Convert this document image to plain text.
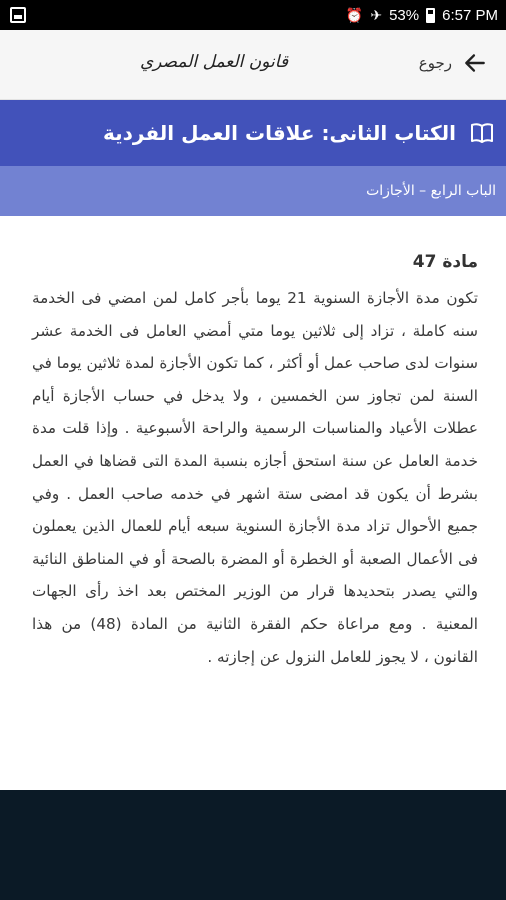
⏰ ✈ 53% 6:57 PM
قانون العمل المصري	رجوع
الكتاب الثانى: علاقات العمل الفردية
الباب الرابع – الأجازات
مادة 47
تكون مدة الأجازة السنوية 21 يوما بأجر كامل لمن امضي فى الخدمة سنه كاملة ، تزاد إلى ثلاثين يوما متي أمضي العامل فى الخدمة عشر سنوات لدى صاحب عمل أو أكثر ، كما تكون الأجازة لمدة ثلاثين يوما في السنة لمن تجاوز سن الخمسين ، ولا يدخل في حساب الأجازة أيام عطلات الأعياد والمناسبات الرسمية والراحة الأسبوعية . وإذا قلت مدة خدمة العامل عن سنة استحق أجازه بنسبة المدة التى قضاها في العمل بشرط أن يكون قد امضى ستة اشهر في خدمه صاحب العمل . وفي جميع الأحوال تزاد مدة الأجازة السنوية سبعه أيام للعمال الذين يعملون فى الأعمال الصعبة أو الخطرة أو المضرة بالصحة أو في المناطق النائية والتي يصدر بتحديدها قرار من الوزير المختص بعد اخذ رأى الجهات المعنية . ومع مراعاة حكم الفقرة الثانية من المادة (48) من هذا القانون ، لا يجوز للعامل النزول عن إجازته .
